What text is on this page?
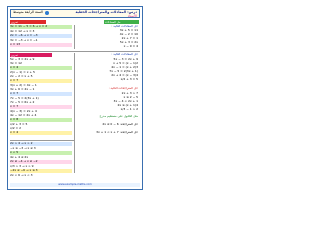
السنة الرابعة متوسط	درس: المعادلات والمتراجحات الخطية
الأستاذ
تمرين	حل المعادلات
3x = 11 − 5 = 6 → x = 2
4x = 12 → x = 3
2x = −6 → x = −3
3x = −3 → x = −1
x = 13
حل المعادلات التالية :
3x + 5 = 11
4x − 2 = 10
2x + 7 = 1
5x + 3 = 2x
x − 9 = 4
تمرين
5x − 3 = 2x + 9
3x = 12
x = 4
2(x − 1) = x + 5
2x − 2 = x + 5
x = 7
3(x + 2) = 4x − 1
3x + 6 = 4x − 1
x = 7
7x − 5 = 2(3x + 1)
7x − 5 = 6x + 2
x = 7
4(x − 3) = 2x + 4
4x − 12 = 2x + 4
x = 8
x/2 + 3 = 5
x/2 = 2
x = 4
حل المعادلات التالية :
5x − 3 = 2x + 9
2(x − 1) = x + 5
3(x + 2) = 4x − 1
7x − 5 = 2(3x + 1)
4(x − 3) = 2x + 4
x/2 + 3 = 5
حل المتراجحات التالية :
2x + 3 > 7
5 − x ≤ 2
3x − 4 < 2x + 1
4(x + 1) ≥ 2x
x/3 − 1 > 2
مثل الحلول على مستقيم مدرج
حل المتراجحة: 6 − 2x ≥ 0
حل المتراجحة: 3x + 1 < x + 7
2x > 4 → x > 2
−x ≤ −3 → x ≥ 3
x < 5
4x + 4 ≥ 2x
2x ≥ −4 → x ≥ −2
x/3 > 3 → x > 9
−2x ≥ −6 → x ≤ 3
2x < 6 → x < 3
www.example-maths.com
